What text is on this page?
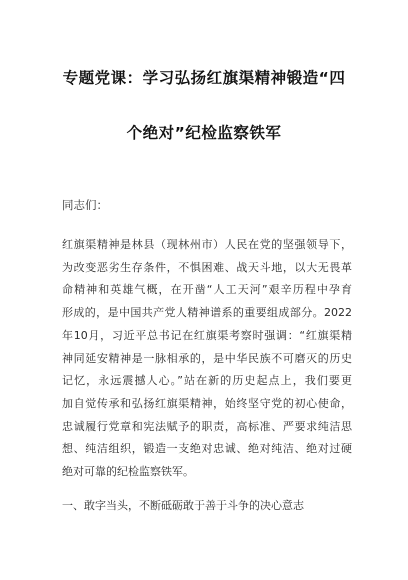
专题党课：学习弘扬红旗渠精神锻造“四
个绝对”纪检监察铁军

同志们：

红旗渠精神是林县（现林州市）人民在党的坚强领导下，
为改变恶劣生存条件，不惧困难、战天斗地，以大无畏革
命精神和英雄气概，在开凿“人工天河”艰辛历程中孕育
形成的，是中国共产党人精神谱系的重要组成部分。2022
年10月，习近平总书记在红旗渠考察时强调：“红旗渠精
神同延安精神是一脉相承的，是中华民族不可磨灭的历史
记忆，永远震撼人心。”站在新的历史起点上，我们要更
加自觉传承和弘扬红旗渠精神，始终坚守党的初心使命，
忠诚履行党章和宪法赋予的职责，高标准、严要求纯洁思
想、纯洁组织，锻造一支绝对忠诚、绝对纯洁、绝对过硬
绝对可靠的纪检监察铁军。

一、敢字当头，不断砥砺敢于善于斗争的决心意志
